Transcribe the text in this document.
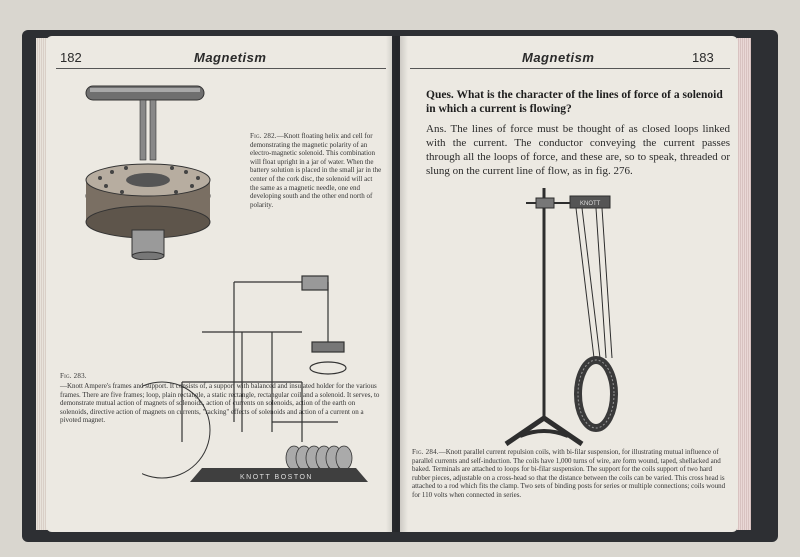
182	Magnetism
Fig. 282.—Knott floating helix and cell for demonstrating the magnetic polarity of an electro-magnetic solenoid. This combination will float upright in a jar of water. When the battery solution is placed in the small jar in the center of the cork disc, the solenoid will act the same as a magnetic needle, one end developing south and the other end north of polarity.
KNOTT BOSTON
Fig. 283.
—Knott Ampere's frames and support. It consists of, a support with balanced and insulated holder for the various frames. There are five frames; loop, plain rectangle, a static rectangle, rectangular coil and a solenoid. It serves, to demonstrate mutual action of magnets of solenoids, action of currents on solenoids, action of the earth on solenoids, directive action of magnets on currents, "racking" effects of solenoids and action of a current on a pivoted magnet.
Magnetism	183
Ques. What is the character of the lines of force of a solenoid in which a current is flowing?
Ans. The lines of force must be thought of as closed loops linked with the current. The conductor conveying the current passes through all the loops of force, and these are, so to speak, threaded or slung on the current line of flow, as in fig. 276.
KNOTT
Fig. 284.—Knott parallel current repulsion coils, with bi-filar suspension, for illustrating mutual influence of parallel currents and self-induction. The coils have 1,000 turns of wire, are form wound, taped, shellacked and baked. Terminals are attached to loops for bi-filar suspension. The support for the coils support of two hard rubber pieces, adjustable on a cross-head so that the distance between the coils can be varied. This cross head is attached to a rod which fits the clamp. Two sets of binding posts for series or multiple connections; coils wound for 110 volts when connected in series.
